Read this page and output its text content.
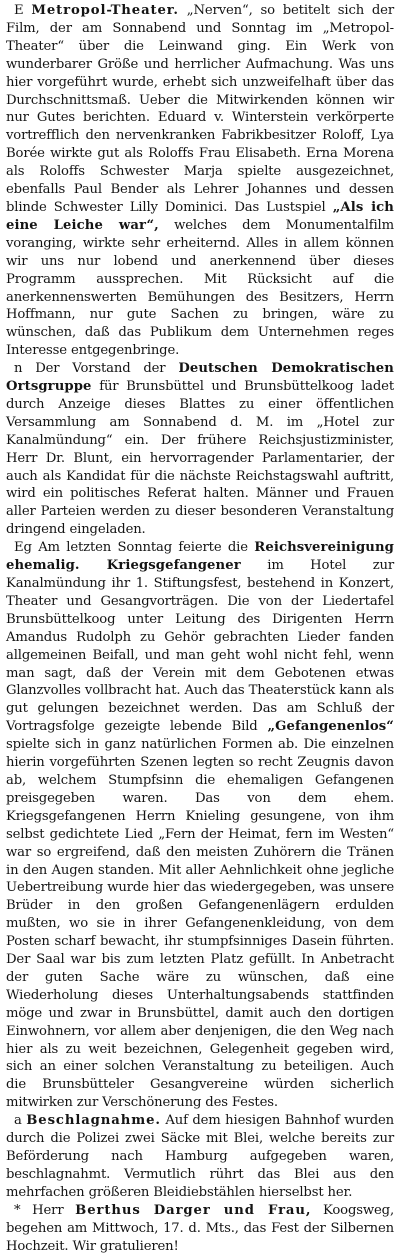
E Metropol-Theater. „Nerven“, so betitelt sich der Film, der am Sonnabend und Sonntag im „Metropol-Theater“ über die Leinwand ging. Ein Werk von wunderbarer Größe und herrlicher Aufmachung. Was uns hier vorgeführt wurde, erhebt sich unzweifelhaft über das Durchschnittsmaß. Ueber die Mitwirkenden können wir nur Gutes berichten. Eduard v. Winterstein verkörperte vortrefflich den nervenkranken Fabrikbesitzer Roloff, Lya Borée wirkte gut als Roloffs Frau Elisabeth. Erna Morena als Roloffs Schwester Marja spielte ausgezeichnet, ebenfalls Paul Bender als Lehrer Johannes und dessen blinde Schwester Lilly Dominici. Das Lustspiel „Als ich eine Leiche war“, welches dem Monumentalfilm voranging, wirkte sehr erheiternd. Alles in allem können wir uns nur lobend und anerkennend über dieses Programm aussprechen. Mit Rücksicht auf die anerkennenswerten Bemühungen des Besitzers, Herrn Hoffmann, nur gute Sachen zu bringen, wäre zu wünschen, daß das Publikum dem Unternehmen reges Interesse entgegenbringe.

n Der Vorstand der Deutschen Demokratischen Ortsgruppe für Brunsbüttel und Brunsbüttelkoog ladet durch Anzeige dieses Blattes zu einer öffentlichen Versammlung am Sonnabend d. M. im „Hotel zur Kanalmündung“ ein. Der frühere Reichsjustizminister, Herr Dr. Blunt, ein hervorragender Parlamentarier, der auch als Kandidat für die nächste Reichstagswahl auftritt, wird ein politisches Referat halten. Männer und Frauen aller Parteien werden zu dieser besonderen Veranstaltung dringend eingeladen.

Eg Am letzten Sonntag feierte die Reichsvereinigung ehemalig. Kriegsgefangener im Hotel zur Kanalmündung ihr 1. Stiftungsfest, bestehend in Konzert, Theater und Gesangvorträgen. Die von der Liedertafel Brunsbüttelkoog unter Leitung des Dirigenten Herrn Amandus Rudolph zu Gehör gebrachten Lieder fanden allgemeinen Beifall, und man geht wohl nicht fehl, wenn man sagt, daß der Verein mit dem Gebotenen etwas Glanzvolles vollbracht hat. Auch das Theaterstück kann als gut gelungen bezeichnet werden. Das am Schluß der Vortragsfolge gezeigte lebende Bild „Gefangenenlos“ spielte sich in ganz natürlichen Formen ab. Die einzelnen hierin vorgeführten Szenen legten so recht Zeugnis davon ab, welchem Stumpfsinn die ehemaligen Gefangenen preisgegeben waren. Das von dem ehem. Kriegsgefangenen Herrn Knieling gesungene, von ihm selbst gedichtete Lied „Fern der Heimat, fern im Westen“ war so ergreifend, daß den meisten Zuhörern die Tränen in den Augen standen. Mit aller Aehnlichkeit ohne jegliche Uebertreibung wurde hier das wiedergegeben, was unsere Brüder in den großen Gefangenenlägern erdulden mußten, wo sie in ihrer Gefangenenkleidung, von dem Posten scharf bewacht, ihr stumpfsinniges Dasein führten. Der Saal war bis zum letzten Platz gefüllt. In Anbetracht der guten Sache wäre zu wünschen, daß eine Wiederholung dieses Unterhaltungsabends stattfinden möge und zwar in Brunsbüttel, damit auch den dortigen Einwohnern, vor allem aber denjenigen, die den Weg nach hier als zu weit bezeichnen, Gelegenheit gegeben wird, sich an einer solchen Veranstaltung zu beteiligen. Auch die Brunsbütteler Gesangvereine würden sicherlich mitwirken zur Verschönerung des Festes.

a Beschlagnahme. Auf dem hiesigen Bahnhof wurden durch die Polizei zwei Säcke mit Blei, welche bereits zur Beförderung nach Hamburg aufgegeben waren, beschlagnahmt. Vermutlich rührt das Blei aus den mehrfachen größeren Bleidiebstählen hierselbst her.

* Herr Berthus Darger und Frau, Koogsweg, begehen am Mittwoch, 17. d. Mts., das Fest der Silbernen Hochzeit. Wir gratulieren!
